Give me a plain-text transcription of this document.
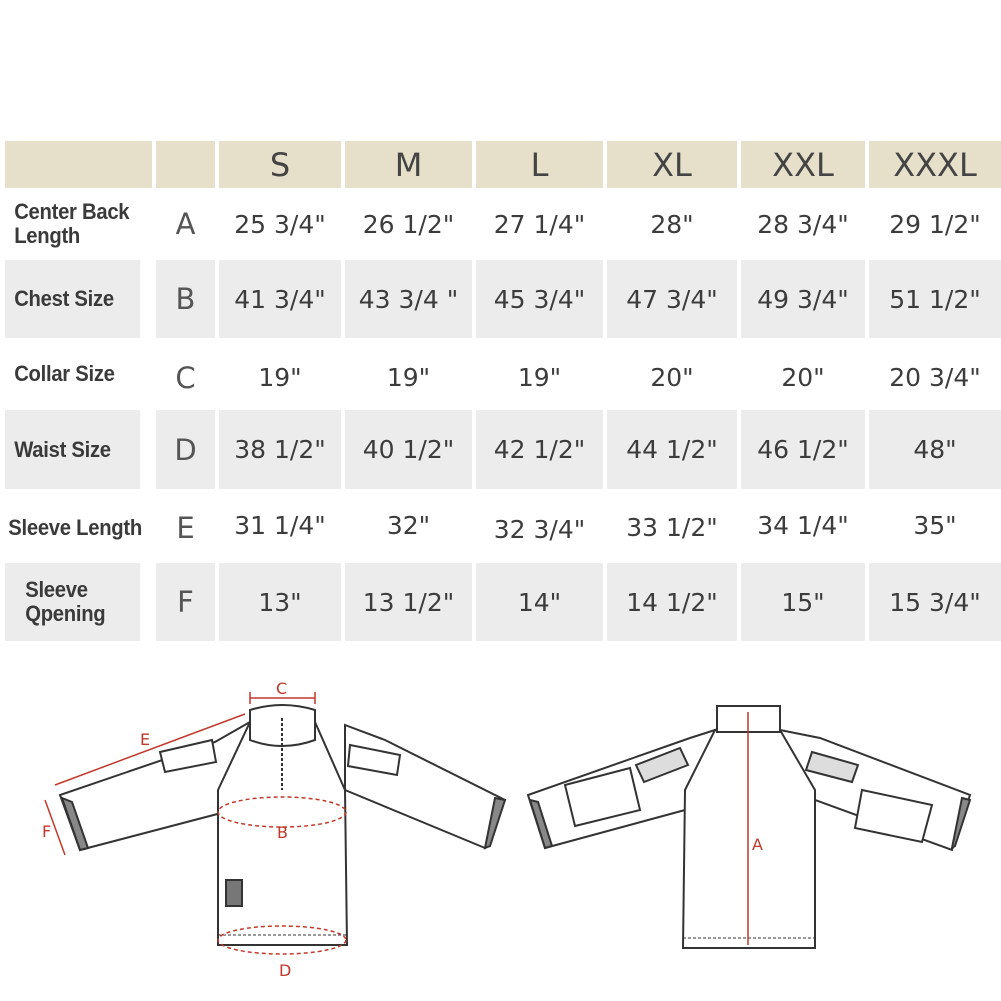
S	M	L	XL	XXL	XXXL
Center Back
Length	A	25 3/4"	26 1/2"	27 1/4"	28"	28 3/4"	29 1/2"
Chest Size	B	41 3/4"	43 3/4 "	45 3/4"	47 3/4"	49 3/4"	51 1/2"
Collar Size	C	19"	19"	19"	20"	20"	20 3/4"
Waist Size	D	38 1/2"	40 1/2"	42 1/2"	44 1/2"	46 1/2"	48"
Sleeve Length	E	31 1/4"	32"	32 3/4"	33 1/2"	34 1/4"	35"
Sleeve
Qpening	F	13"	13 1/2"	14"	14 1/2"	15"	15 3/4"
C
E
F	B
D
A
